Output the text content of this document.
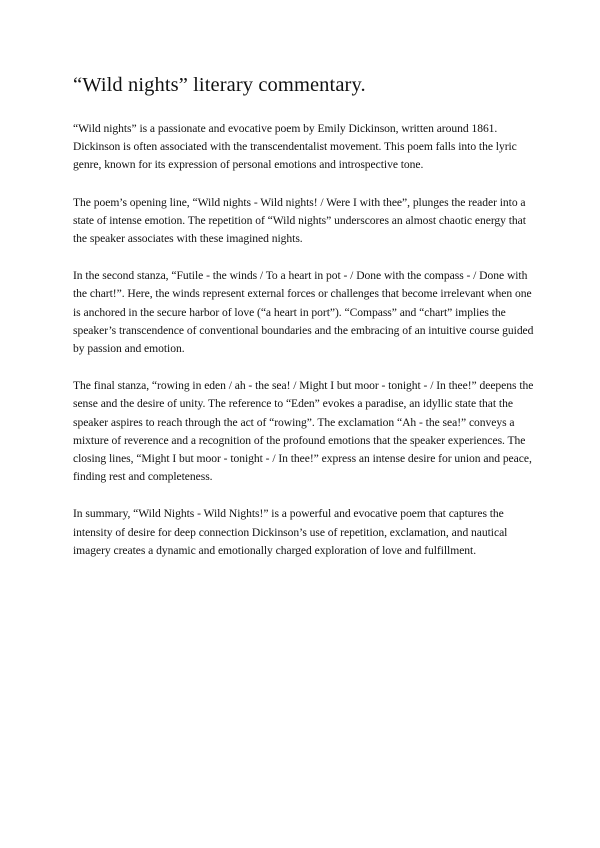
“Wild nights” literary commentary.

“Wild nights” is a passionate and evocative poem by Emily Dickinson, written around 1861. Dickinson is often associated with the transcendentalist movement. This poem falls into the lyric genre, known for its expression of personal emotions and introspective tone.

The poem’s opening line, “Wild nights - Wild nights! / Were I with thee”, plunges the reader into a state of intense emotion. The repetition of “Wild nights” underscores an almost chaotic energy that the speaker associates with these imagined nights.

In the second stanza, “Futile - the winds / To a heart in pot - / Done with the compass - / Done with the chart!”. Here, the winds represent external forces or challenges that become irrelevant when one is anchored in the secure harbor of love (“a heart in port”). “Compass” and “chart” implies the speaker’s transcendence of conventional boundaries and the embracing of an intuitive course guided by passion and emotion.

The final stanza, “rowing in eden / ah - the sea! / Might I but moor - tonight - / In thee!” deepens the sense and the desire of unity. The reference to “Eden” evokes a paradise, an idyllic state that the speaker aspires to reach through the act of “rowing”. The exclamation “Ah - the sea!” conveys a mixture of reverence and a recognition of the profound emotions that the speaker experiences. The closing lines, “Might I but moor - tonight - / In thee!” express an intense desire for union and peace, finding rest and completeness.

In summary, “Wild Nights - Wild Nights!” is a powerful and evocative poem that captures the intensity of desire for deep connection Dickinson’s use of repetition, exclamation, and nautical imagery creates a dynamic and emotionally charged exploration of love and fulfillment.
